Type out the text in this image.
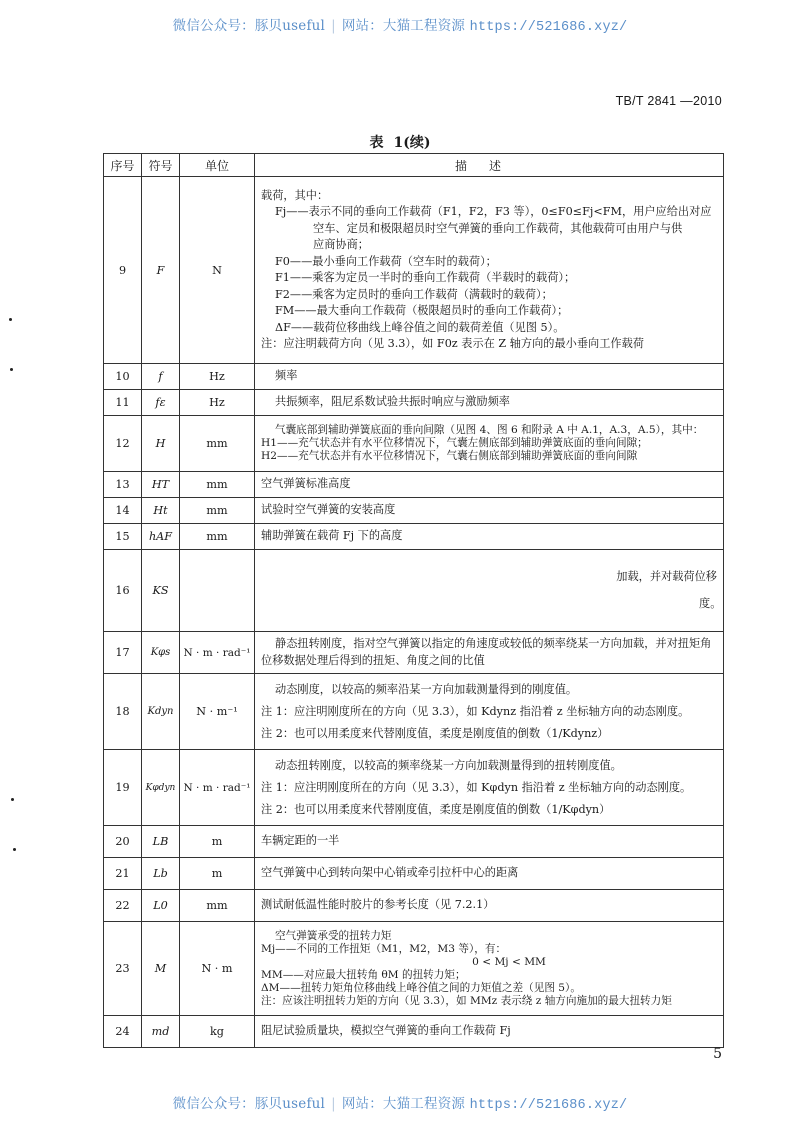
微信公众号：豚贝useful | 网站：大猫工程资源 https://521686.xyz/
TB/T 2841 —2010
表 1(续)
序号	符号	单位	描述
9	F	N	
载荷，其中：
Fj——表示不同的垂向工作载荷（F1，F2，F3 等），0≤F0≤Fj<FM，用户应给出对应
空车、定员和极限超员时空气弹簧的垂向工作载荷，其他载荷可由用户与供
应商协商；
F0——最小垂向工作载荷（空车时的载荷）；
F1——乘客为定员一半时的垂向工作载荷（半载时的载荷）；
F2——乘客为定员时的垂向工作载荷（满载时的载荷）；
FM——最大垂向工作载荷（极限超员时的垂向工作载荷）；
ΔF——载荷位移曲线上峰谷值之间的载荷差值（见图 5）。
注：应注明载荷方向（见 3.3），如 F0z 表示在 Z 轴方向的最小垂向工作载荷

10	f	Hz	频率

11	fε	Hz	共振频率，阻尼系数试验共振时响应与激励频率

12	H	mm	气囊底部到辅助弹簧底面的垂向间隙（见图 4、图 6 和附录 A 中 A.1，A.3，A.5），其中：
H1——充气状态并有水平位移情况下，气囊左侧底部到辅助弹簧底面的垂向间隙；
H2——充气状态并有水平位移情况下，气囊右侧底部到辅助弹簧底面的垂向间隙

13	HT	mm	空气弹簧标准高度

14	Ht	mm	试验时空气弹簧的安装高度

15	hAF	mm	辅助弹簧在载荷 Fj 下的高度

16	KS		加载，并对载荷位移
度。

17	Kφs	N · m · rad⁻¹	静态扭转刚度，指对空气弹簧以指定的角速度或较低的频率绕某一方向加载，并对扭矩角位移数据处理后得到的扭矩、角度之间的比值

18	Kdyn	N · m⁻¹	动态刚度，以较高的频率沿某一方向加载测量得到的刚度值。
注 1：应注明刚度所在的方向（见 3.3），如 Kdynz 指沿着 z 坐标轴方向的动态刚度。
注 2：也可以用柔度来代替刚度值，柔度是刚度值的倒数（1/Kdynz）

19	Kφdyn	N · m · rad⁻¹	动态扭转刚度，以较高的频率绕某一方向加载测量得到的扭转刚度值。
注 1：应注明刚度所在的方向（见 3.3），如 Kφdyn 指沿着 z 坐标轴方向的动态刚度。
注 2：也可以用柔度来代替刚度值，柔度是刚度值的倒数（1/Kφdyn）

20	LB	m	车辆定距的一半

21	Lb	m	空气弹簧中心到转向架中心销或牵引拉杆中心的距离

22	L0	mm	测试耐低温性能时胶片的参考长度（见 7.2.1）

23	M	N · m	
空气弹簧承受的扭转力矩
Mj——不同的工作扭矩（M1，M2，M3 等），有：
0 < Mj < MM
MM——对应最大扭转角 θM 的扭转力矩；
ΔM——扭转力矩角位移曲线上峰谷值之间的力矩值之差（见图 5）。
注：应该注明扭转力矩的方向（见 3.3），如 MMz 表示绕 z 轴方向施加的最大扭转力矩

24	md	kg	阻尼试验质量块，模拟空气弹簧的垂向工作载荷 Fj
5
微信公众号：豚贝useful | 网站：大猫工程资源 https://521686.xyz/
